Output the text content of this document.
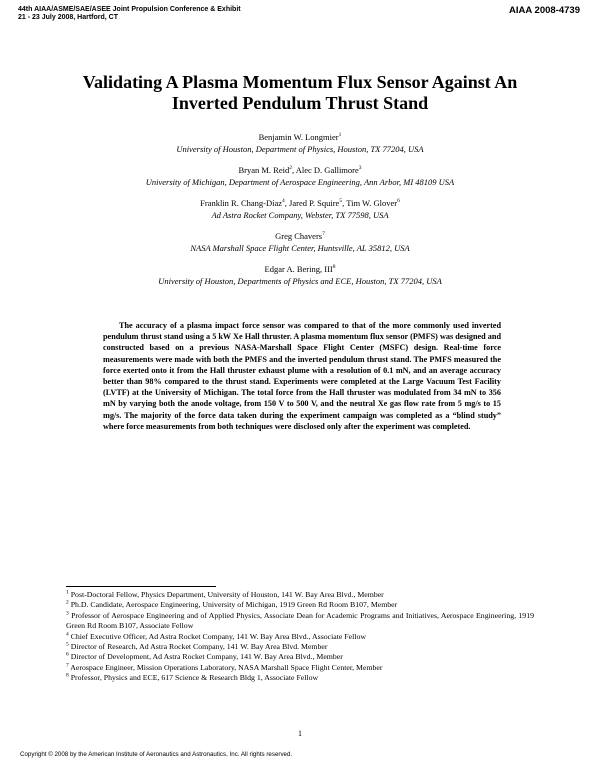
44th AIAA/ASME/SAE/ASEE Joint Propulsion Conference & Exhibit
21 - 23 July 2008, Hartford, CT
AIAA 2008-4739
Validating A Plasma Momentum Flux Sensor Against An
Inverted Pendulum Thrust Stand
Benjamin W. Longmier$^1$
University of Houston, Department of Physics, Houston, TX 77204, USA
Bryan M. Reid$^2$, Alec D. Gallimore$^3$
University of Michigan, Department of Aerospace Engineering, Ann Arbor, MI 48109 USA
Franklin R. Chang-Díaz$^4$, Jared P. Squire$^5$, Tim W. Glover$^6$
Ad Astra Rocket Company, Webster, TX 77598, USA
Greg Chavers$^7$
NASA Marshall Space Flight Center, Huntsville, AL 35812, USA
Edgar A. Bering, III$^8$
University of Houston, Departments of Physics and ECE, Houston, TX 77204, USA

The accuracy of a plasma impact force sensor was compared to that of the more commonly used inverted pendulum thrust stand using a 5 kW Xe Hall thruster. A plasma momentum flux sensor (PMFS) was designed and constructed based on a previous NASA-Marshall Space Flight Center (MSFC) design. Real-time force measurements were made with both the PMFS and the inverted pendulum thrust stand. The PMFS measured the force exerted onto it from the Hall thruster exhaust plume with a resolution of 0.1 mN, and an average accuracy better than 98% compared to the thrust stand. Experiments were completed at the Large Vacuum Test Facility (LVTF) at the University of Michigan. The total force from the Hall thruster was modulated from 34 mN to 356 mN by varying both the anode voltage, from 150 V to 500 V, and the neutral Xe gas flow rate from 5 mg/s to 15 mg/s. The majority of the force data taken during the experiment campaign was completed as a “blind study” where force measurements from both techniques were disclosed only after the experiment was completed.

$^1$ Post-Doctoral Fellow, Physics Department, University of Houston, 141 W. Bay Area Blvd., Member

$^2$ Ph.D. Candidate, Aerospace Engineering, University of Michigan, 1919 Green Rd Room B107, Member

$^3$ Professor of Aerospace Engineering and of Applied Physics, Associate Dean for Academic Programs and Initiatives, Aerospace Engineering, 1919 Green Rd Room B107, Associate Fellow

$^4$ Chief Executive Officer, Ad Astra Rocket Company, 141 W. Bay Area Blvd., Associate Fellow

$^5$ Director of Research, Ad Astra Rocket Company, 141 W. Bay Area Blvd. Member

$^6$ Director of Development, Ad Astra Rocket Company, 141 W. Bay Area Blvd., Member

$^7$ Aerospace Engineer, Mission Operations Laboratory, NASA Marshall Space Flight Center, Member

$^8$ Professor, Physics and ECE, 617 Science & Research Bldg 1, Associate Fellow

1
Copyright © 2008 by the American Institute of Aeronautics and Astronautics, Inc. All rights reserved.
